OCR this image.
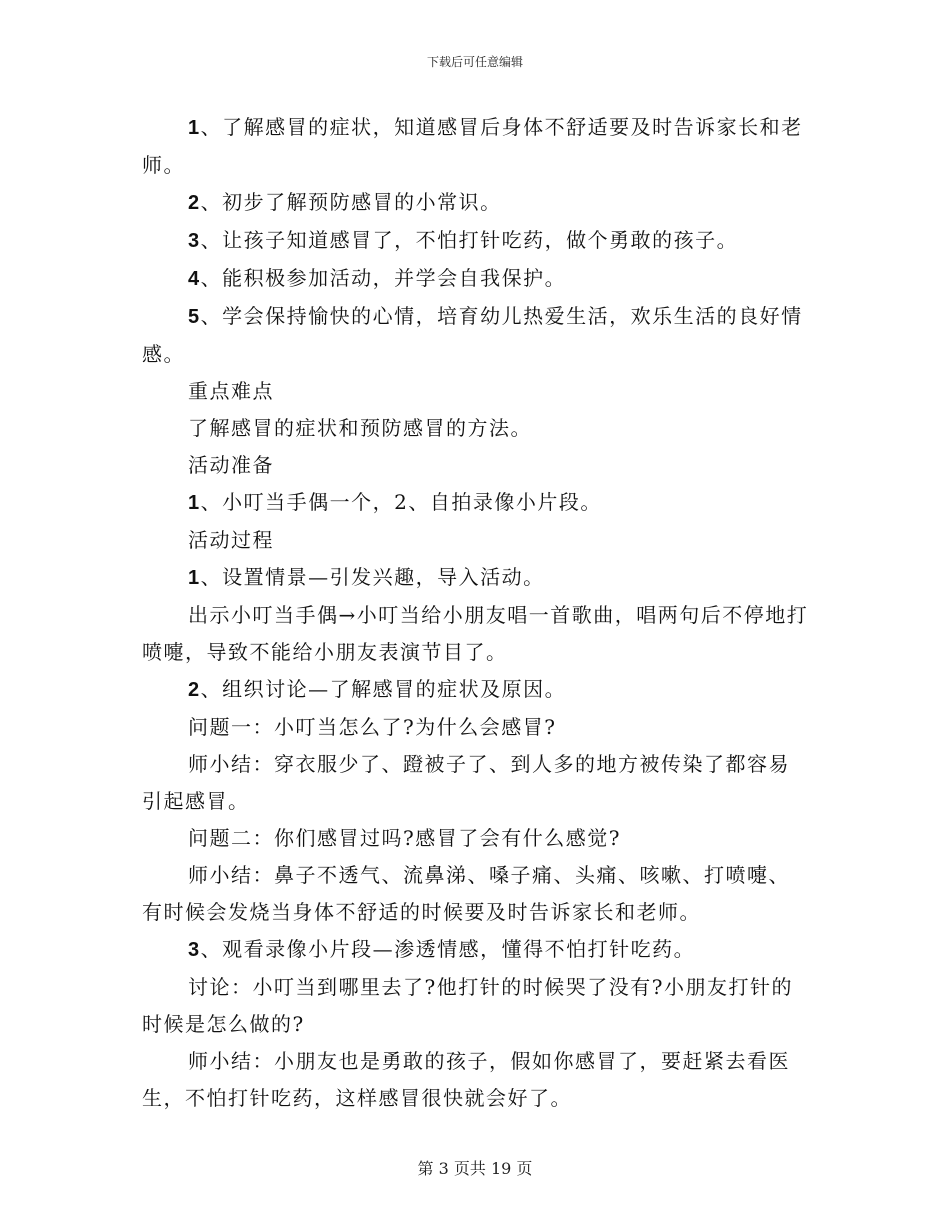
下载后可任意编辑

1、了解感冒的症状，知道感冒后身体不舒适要及时告诉家长和老师。

2、初步了解预防感冒的小常识。

3、让孩子知道感冒了，不怕打针吃药，做个勇敢的孩子。

4、能积极参加活动，并学会自我保护。

5、学会保持愉快的心情，培育幼儿热爱生活，欢乐生活的良好情感。

重点难点

了解感冒的症状和预防感冒的方法。

活动准备

1、小叮当手偶一个，2、自拍录像小片段。

活动过程

1、设置情景—引发兴趣，导入活动。

出示小叮当手偶→小叮当给小朋友唱一首歌曲，唱两句后不停地打喷嚏，导致不能给小朋友表演节目了。

2、组织讨论—了解感冒的症状及原因。

问题一：小叮当怎么了?为什么会感冒?

师小结：穿衣服少了、蹬被子了、到人多的地方被传染了都容易引起感冒。

问题二：你们感冒过吗?感冒了会有什么感觉?

师小结：鼻子不透气、流鼻涕、嗓子痛、头痛、咳嗽、打喷嚏、有时候会发烧当身体不舒适的时候要及时告诉家长和老师。

3、观看录像小片段—渗透情感，懂得不怕打针吃药。

讨论：小叮当到哪里去了?他打针的时候哭了没有?小朋友打针的时候是怎么做的?

师小结：小朋友也是勇敢的孩子，假如你感冒了，要赶紧去看医生，不怕打针吃药，这样感冒很快就会好了。

第 3 页共 19 页
